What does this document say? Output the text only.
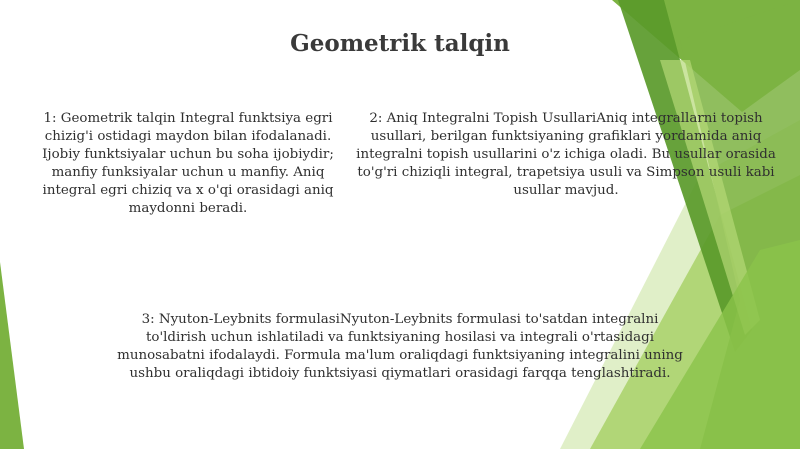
Geometrik talqin

1: Geometrik talqin Integral funktsiya egri chizig'i ostidagi maydon bilan ifodalanadi. Ijobiy funktsiyalar uchun bu soha ijobiydir; manfiy funksiyalar uchun u manfiy. Aniq integral egri chiziq va x o'qi orasidagi aniq maydonni beradi.

2: Aniq Integralni Topish UsullariAniq integrallarni topish usullari, berilgan funktsiyaning grafiklari yordamida aniq integralni topish usullarini o'z ichiga oladi. Bu usullar orasida to'g'ri chiziqli integral, trapetsiya usuli va Simpson usuli kabi usullar mavjud.

3: Nyuton-Leybnits formulasiNyuton-Leybnits formulasi to'satdan integralni to'ldirish uchun ishlatiladi va funktsiyaning hosilasi va integrali o'rtasidagi munosabatni ifodalaydi. Formula ma'lum oraliqdagi funktsiyaning integralini uning ushbu oraliqdagi ibtidoiy funktsiyasi qiymatlari orasidagi farqqa tenglashtiradi.
